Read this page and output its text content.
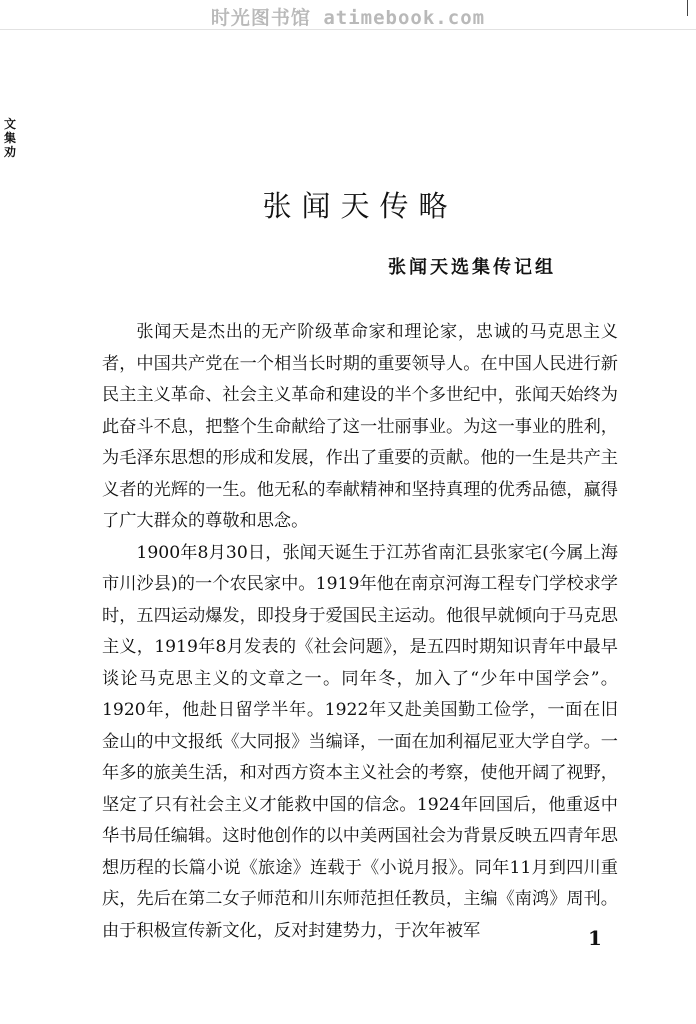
时光图书馆 atimebook.com
文
集
劝
张闻天传略
张闻天选集传记组

张闻天是杰出的无产阶级革命家和理论家，忠诚的马克思主义者，中国共产党在一个相当长时期的重要领导人。在中国人民进行新民主主义革命、社会主义革命和建设的半个多世纪中，张闻天始终为此奋斗不息，把整个生命献给了这一壮丽事业。为这一事业的胜利，为毛泽东思想的形成和发展，作出了重要的贡献。他的一生是共产主义者的光辉的一生。他无私的奉献精神和坚持真理的优秀品德，赢得了广大群众的尊敬和思念。

1900年8月30日，张闻天诞生于江苏省南汇县张家宅(今属上海市川沙县)的一个农民家中。1919年他在南京河海工程专门学校求学时，五四运动爆发，即投身于爱国民主运动。他很早就倾向于马克思主义，1919年8月发表的《社会问题》，是五四时期知识青年中最早谈论马克思主义的文章之一。同年冬，加入了“少年中国学会”。1920年，他赴日留学半年。1922年又赴美国勤工俭学，一面在旧金山的中文报纸《大同报》当编译，一面在加利福尼亚大学自学。一年多的旅美生活，和对西方资本主义社会的考察，使他开阔了视野，坚定了只有社会主义才能救中国的信念。1924年回国后，他重返中华书局任编辑。这时他创作的以中美两国社会为背景反映五四青年思想历程的长篇小说《旅途》连载于《小说月报》。同年11月到四川重庆，先后在第二女子师范和川东师范担任教员，主编《南鸿》周刊。由于积极宣传新文化，反对封建势力，于次年被军	1
